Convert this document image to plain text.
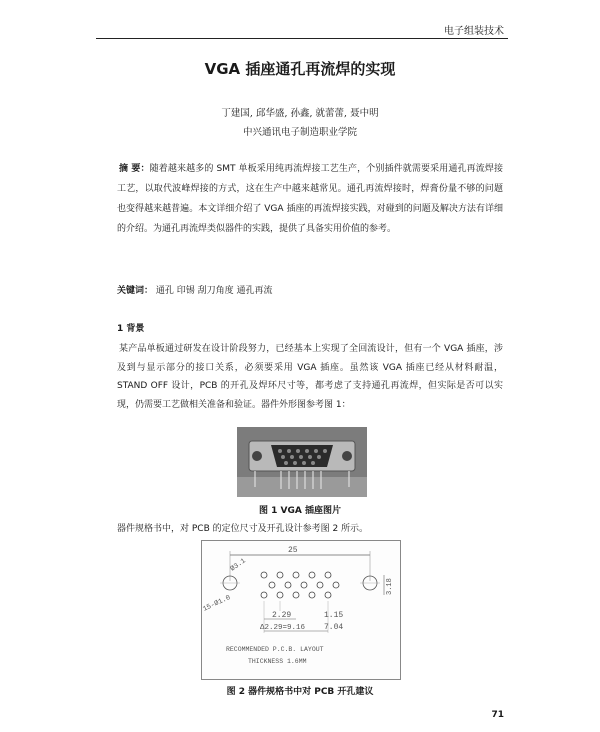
电子组装技术
VGA 插座通孔再流焊的实现
丁建国, 邱华盛, 孙鑫, 就蕾蕾, 聂中明
中兴通讯电子制造职业学院
摘 要：随着越来越多的 SMT 单板采用纯再流焊接工艺生产，个别插件就需要采用通孔再流焊接工艺，以取代波峰焊接的方式，这在生产中越来越常见。通孔再流焊接时，焊膏份量不够的问题也变得越来越普遍。本文详细介绍了 VGA 插座的再流焊接实践，对碰到的问题及解决方法有详细的介绍。为通孔再流焊类似器件的实践，提供了具备实用价值的参考。
关键词： 通孔 印锡 刮刀角度 通孔再流
1 背景
某产品单板通过研发在设计阶段努力，已经基本上实现了全回流设计，但有一个 VGA 插座，涉及到与显示部分的接口关系，必须要采用 VGA 插座。虽然该 VGA 插座已经从材料耐温，STAND OFF 设计，PCB 的开孔及焊环尺寸等，都考虑了支持通孔再流焊，但实际是否可以实现，仍需要工艺做相关准备和验证。器件外形图参考图 1：
图 1 VGA 插座图片
器件规格书中，对 PCB 的定位尺寸及开孔设计参考图 2 所示。
25
Ø3.1
15-Ø1.0
3.18
2.29	1.15
Δ2.29=9.16 7.04
RECOMMENDED P.C.B. LAYOUT
THICKNESS 1.6MM
图 2 器件规格书中对 PCB 开孔建议
71
